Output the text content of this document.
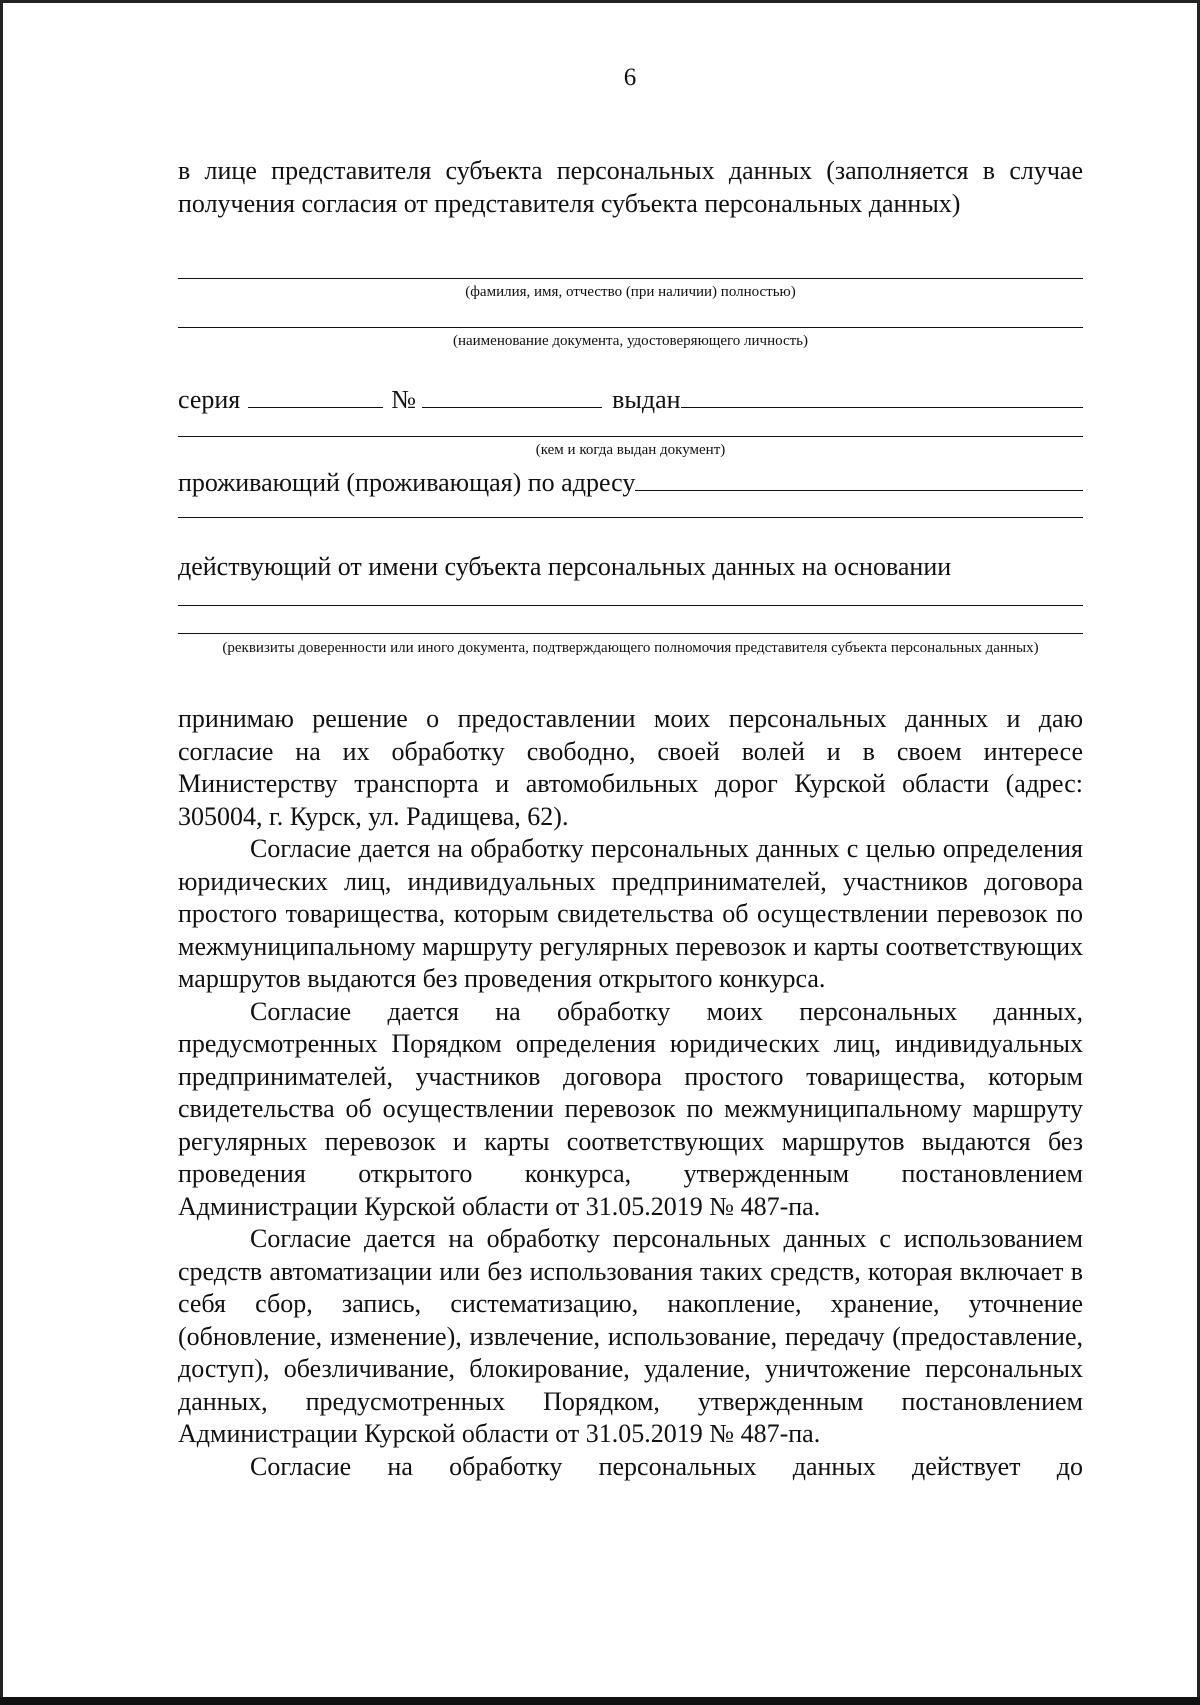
6

в лице представителя субъекта персональных данных (заполняется в случае получения согласия от представителя субъекта персональных данных)

(фамилия, имя, отчество (при наличии) полностью)
(наименование документа, удостоверяющего личность)
серия	№	выдан
(кем и когда выдан документ)
проживающий (проживающая) по адресу
действующий от имени субъекта персональных данных на основании
(реквизиты доверенности или иного документа, подтверждающего полномочия представителя субъекта персональных данных)

принимаю решение о предоставлении моих персональных данных и даю согласие на их обработку свободно, своей волей и в своем интересе Министерству транспорта и автомобильных дорог Курской области (адрес: 305004, г. Курск, ул. Радищева, 62).

Согласие дается на обработку персональных данных с целью определения юридических лиц, индивидуальных предпринимателей, участников договора простого товарищества, которым свидетельства об осуществлении перевозок по межмуниципальному маршруту регулярных перевозок и карты соответствующих маршрутов выдаются без проведения открытого конкурса.

Согласие дается на обработку моих персональных данных, предусмотренных Порядком определения юридических лиц, индивидуальных предпринимателей, участников договора простого товарищества, которым свидетельства об осуществлении перевозок по межмуниципальному маршруту регулярных перевозок и карты соответствующих маршрутов выдаются без проведения открытого конкурса, утвержденным постановлением Администрации Курской области от 31.05.2019 № 487-па.

Согласие дается на обработку персональных данных с использованием средств автоматизации или без использования таких средств, которая включает в себя сбор, запись, систематизацию, накопление, хранение, уточнение (обновление, изменение), извлечение, использование, передачу (предоставление, доступ), обезличивание, блокирование, удаление, уничтожение персональных данных, предусмотренных Порядком, утвержденным постановлением Администрации Курской области от 31.05.2019 № 487-па.

Согласие на обработку персональных данных действует до
